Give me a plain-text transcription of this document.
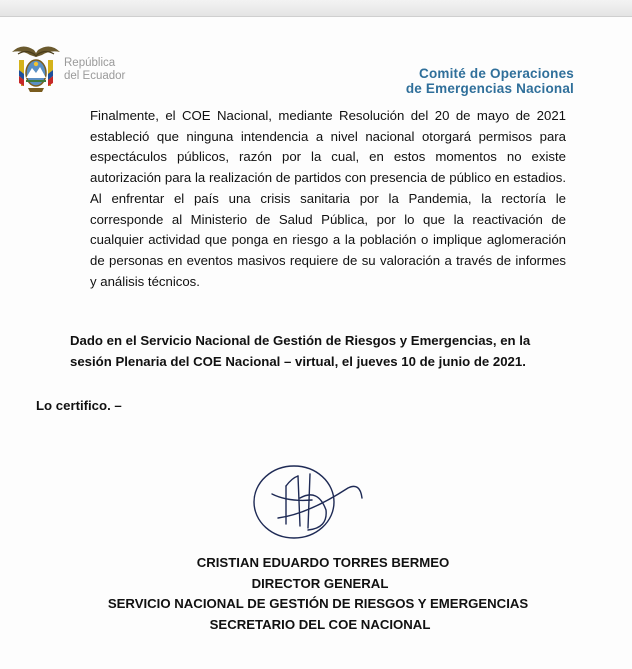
República
del Ecuador	Comité de Operaciones
de Emergencias Nacional

Finalmente, el COE Nacional, mediante Resolución del 20 de mayo de 2021 estableció que ninguna intendencia a nivel nacional otorgará permisos para espectáculos públicos, razón por la cual, en estos momentos no existe autorización para la realización de partidos con presencia de público en estadios. Al enfrentar el país una crisis sanitaria por la Pandemia, la rectoría le corresponde al Ministerio de Salud Pública, por lo que la reactivación de cualquier actividad que ponga en riesgo a la población o implique aglomeración de personas en eventos masivos requiere de su valoración a través de informes y análisis técnicos.

Dado en el Servicio Nacional de Gestión de Riesgos y Emergencias, en la sesión Plenaria del COE Nacional – virtual, el jueves 10 de junio de 2021.

Lo certifico. –

CRISTIAN EDUARDO TORRES BERMEO
DIRECTOR GENERAL
SERVICIO NACIONAL DE GESTIÓN DE RIESGOS Y EMERGENCIAS
SECRETARIO DEL COE NACIONAL
